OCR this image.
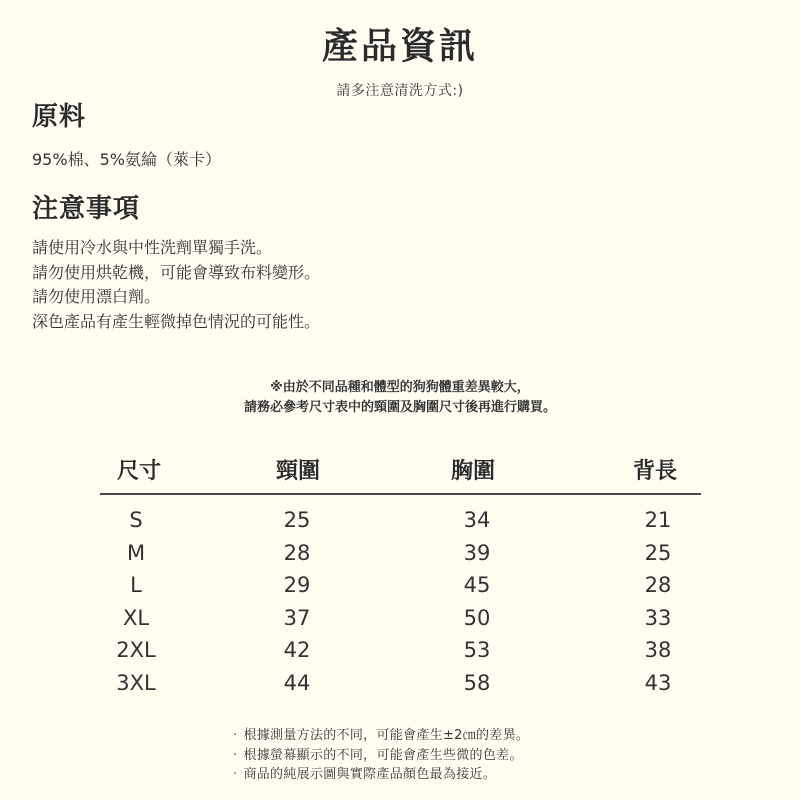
產品資訊
請多注意清洗方式:)
原料
95%棉、5%氨綸（萊卡）
注意事項
請使用冷水與中性洗劑單獨手洗。
請勿使用烘乾機，可能會導致布料變形。
請勿使用漂白劑。
深色產品有產生輕微掉色情況的可能性。
※由於不同品種和體型的狗狗體重差異較大，
請務必參考尺寸表中的頸圍及胸圍尺寸後再進行購買。
尺寸	頸圍	胸圍	背長
S	25	34	21
M	28	39	25
L	29	45	28
XL	37	50	33
2XL	42	53	38
3XL	44	58	43
· 根據測量方法的不同，可能會產生±2㎝的差異。
· 根據螢幕顯示的不同，可能會產生些微的色差。
· 商品的純展示圖與實際產品顏色最為接近。
